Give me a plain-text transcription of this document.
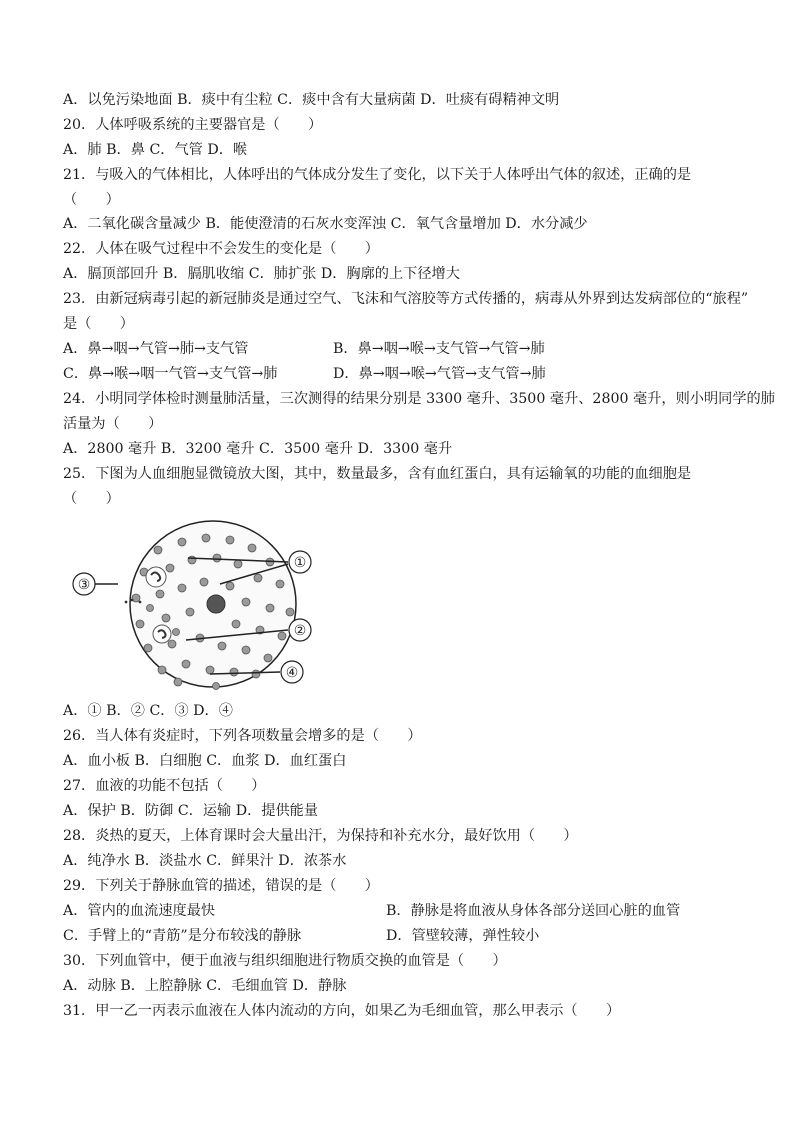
A．以免污染地面 B．痰中有尘粒 C．痰中含有大量病菌 D．吐痰有碍精神文明
20．人体呼吸系统的主要器官是（　　）
A．肺 B．鼻 C．气管 D．喉
21．与吸入的气体相比，人体呼出的气体成分发生了变化，以下关于人体呼出气体的叙述，正确的是
（　　）
A．二氧化碳含量减少 B．能使澄清的石灰水变浑浊 C．氧气含量增加 D．水分减少
22．人体在吸气过程中不会发生的变化是（　　）
A．膈顶部回升 B．膈肌收缩 C．肺扩张 D．胸廓的上下径增大
23．由新冠病毒引起的新冠肺炎是通过空气、飞沫和气溶胶等方式传播的，病毒从外界到达发病部位的“旅程”
是（　　）
A．鼻→咽→气管→肺→支气管	B．鼻→咽→喉→支气管→气管→肺
C．鼻→喉→咽一气管→支气管→肺	D．鼻→咽→喉→气管→支气管→肺
24．小明同学体检时测量肺活量，三次测得的结果分别是 3300 毫升、3500 毫升、2800 毫升，则小明同学的肺
活量为（　　）
A．2800 毫升 B．3200 毫升 C．3500 毫升 D．3300 毫升
25．下图为人血细胞显微镜放大图，其中，数量最多，含有血红蛋白，具有运输氧的功能的血细胞是
（　　）
①
③
②
④
A．① B．② C．③ D．④
26．当人体有炎症时，下列各项数量会增多的是（　　）
A．血小板 B．白细胞 C．血浆 D．血红蛋白
27．血液的功能不包括（　　）
A．保护 B．防御 C．运输 D．提供能量
28．炎热的夏天，上体育课时会大量出汗，为保持和补充水分，最好饮用（　　）
A．纯净水 B．淡盐水 C．鲜果汁 D．浓茶水
29．下列关于静脉血管的描述，错误的是（　　）
A．管内的血流速度最快	B．静脉是将血液从身体各部分送回心脏的血管
C．手臂上的“青筋”是分布较浅的静脉	D．管壁较薄，弹性较小
30．下列血管中，便于血液与组织细胞进行物质交换的血管是（　　）
A．动脉 B．上腔静脉 C．毛细血管 D．静脉
31．甲一乙一丙表示血液在人体内流动的方向，如果乙为毛细血管，那么甲表示（　　）
